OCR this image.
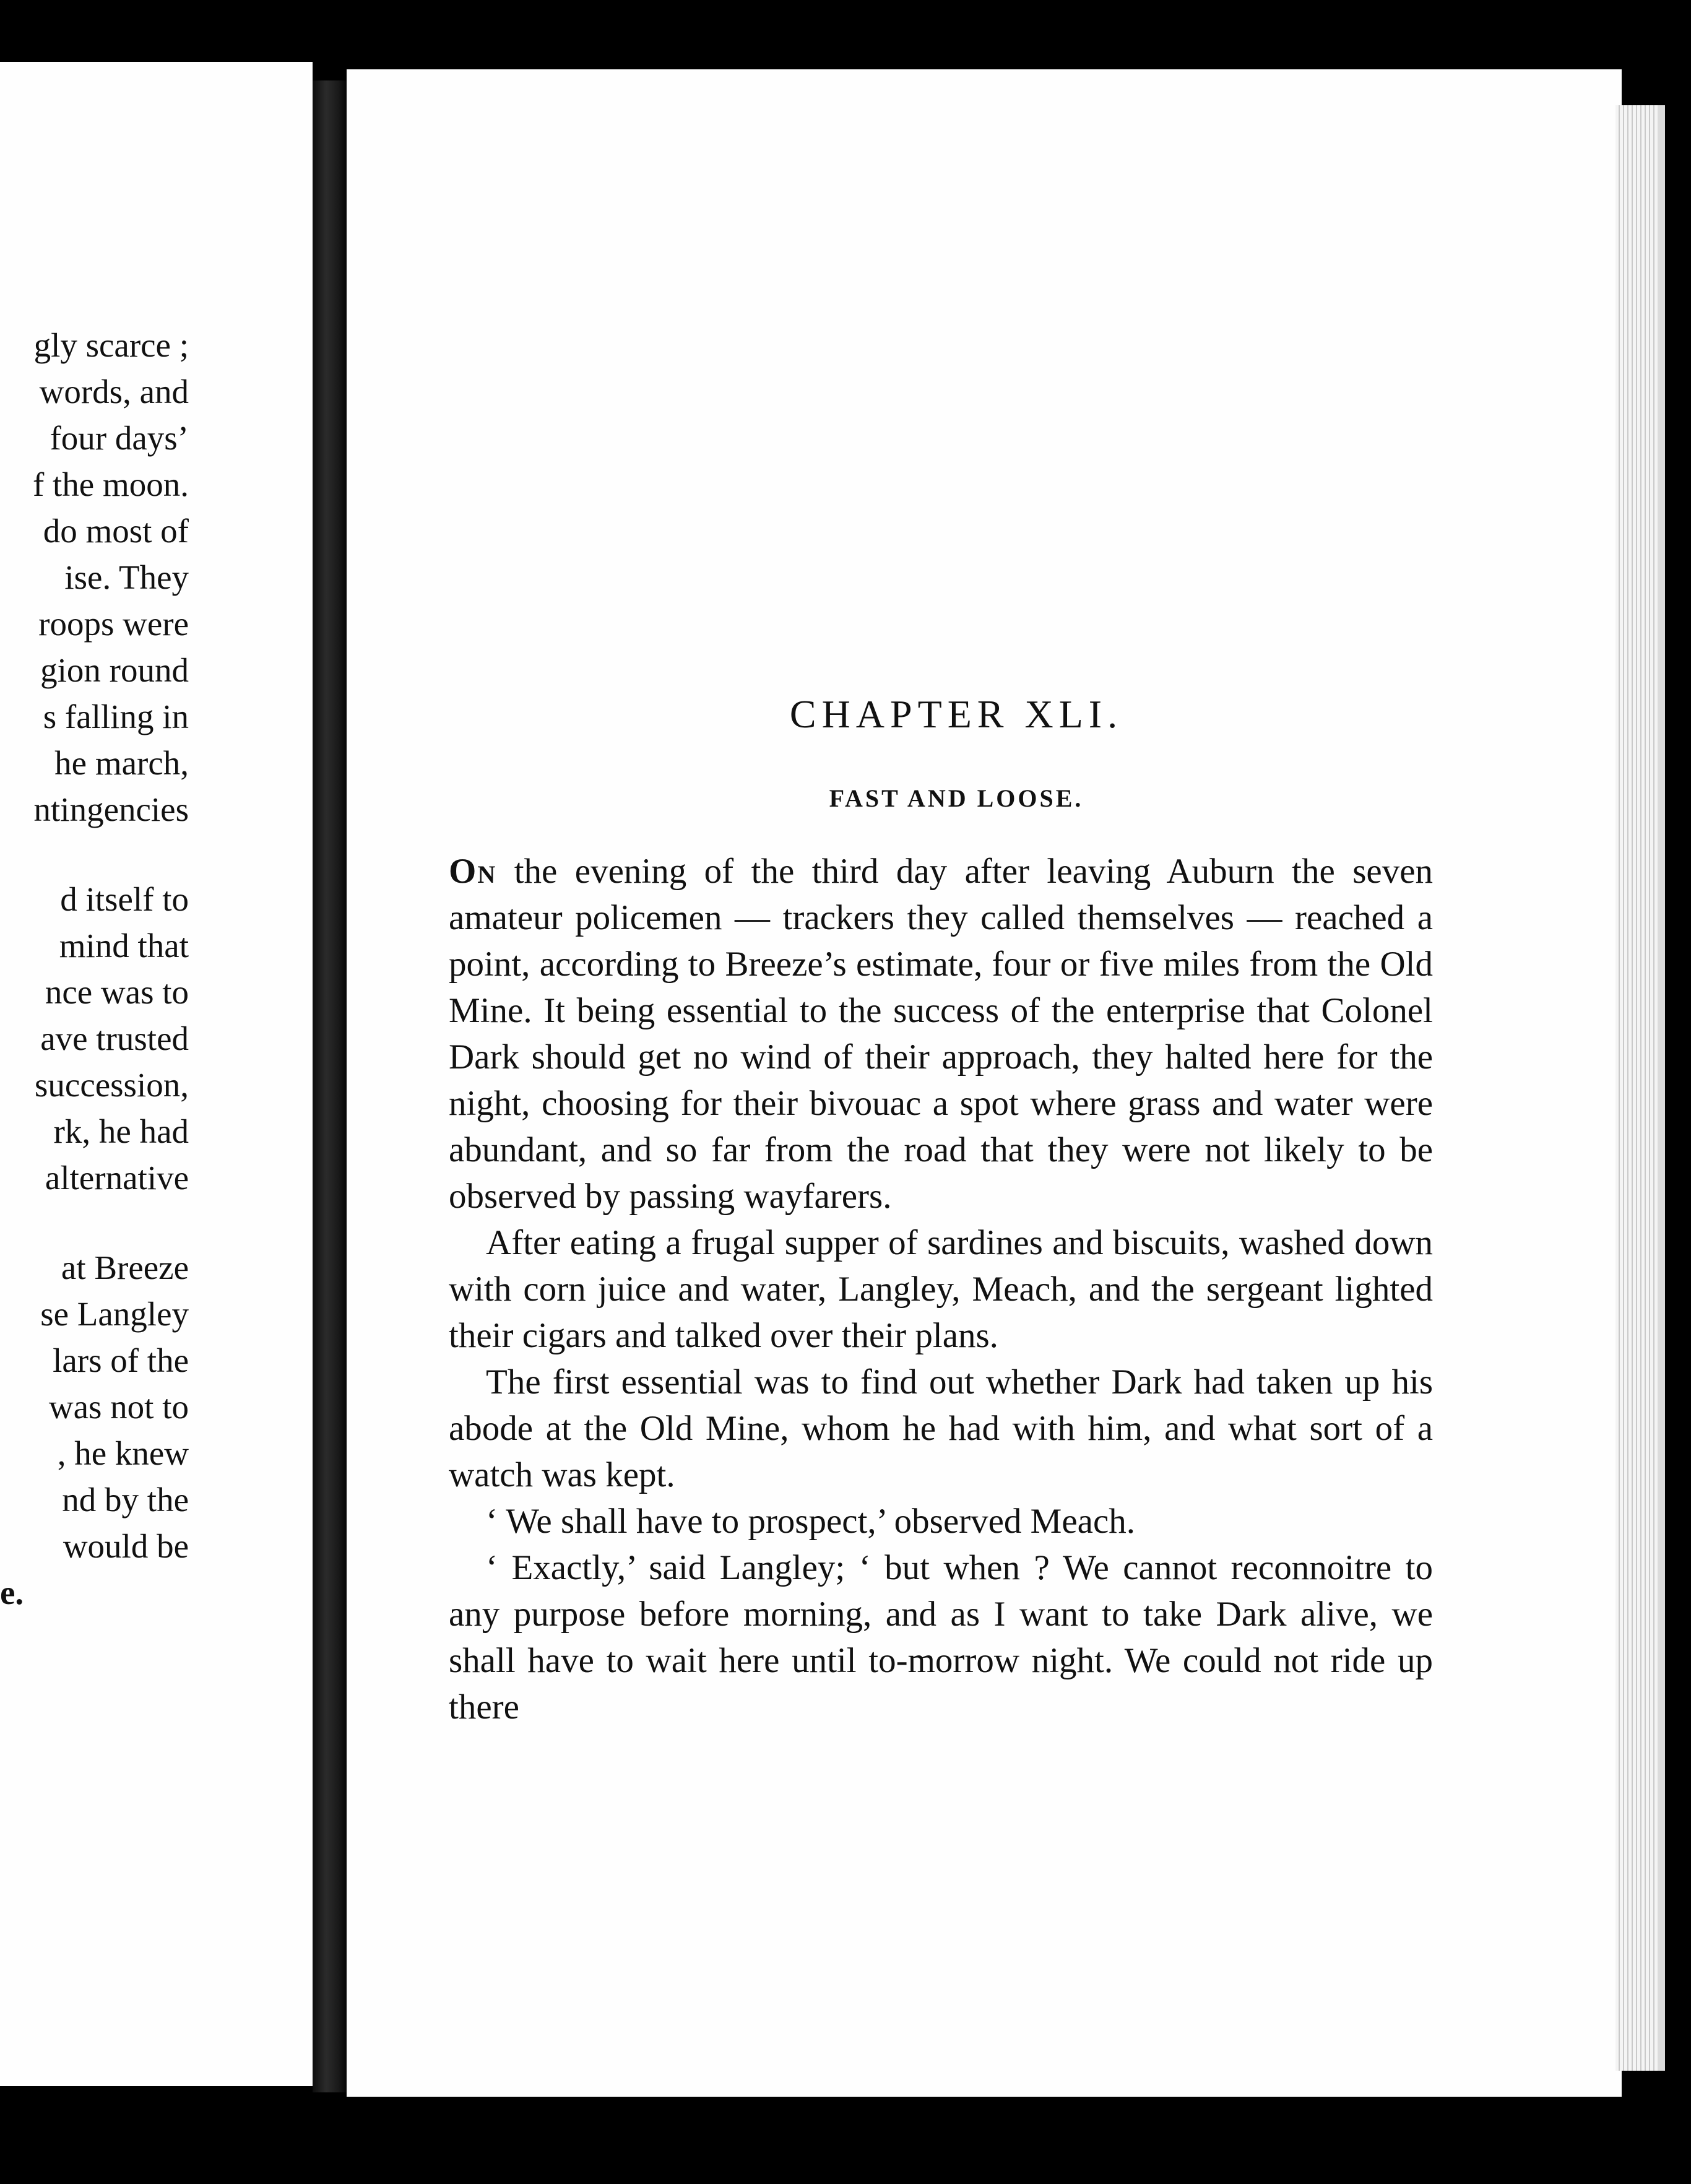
gly scarce ;
words, and
four days’
f the moon.
do most of
ise. They
roops were
gion round
s falling in
he march,
ntingencies
d itself to
mind that
nce was to
ave trusted
succession,
rk, he had
alternative
at Breeze
se Langley
lars of the
was not to
, he knew
nd by the
would be
e.
CHAPTER XLI.
FAST AND LOOSE.

On the evening of the third day after leaving Auburn the seven amateur policemen — trackers they called themselves — reached a point, according to Breeze’s estimate, four or five miles from the Old Mine. It being essential to the success of the enterprise that Colonel Dark should get no wind of their approach, they halted here for the night, choosing for their bivouac a spot where grass and water were abundant, and so far from the road that they were not likely to be observed by passing wayfarers.

After eating a frugal supper of sardines and biscuits, washed down with corn juice and water, Langley, Meach, and the sergeant lighted their cigars and talked over their plans.

The first essential was to find out whether Dark had taken up his abode at the Old Mine, whom he had with him, and what sort of a watch was kept.

‘ We shall have to prospect,’ observed Meach.

‘ Exactly,’ said Langley; ‘ but when ? We cannot reconnoitre to any purpose before morning, and as I want to take Dark alive, we shall have to wait here until to-morrow night. We could not ride up there
